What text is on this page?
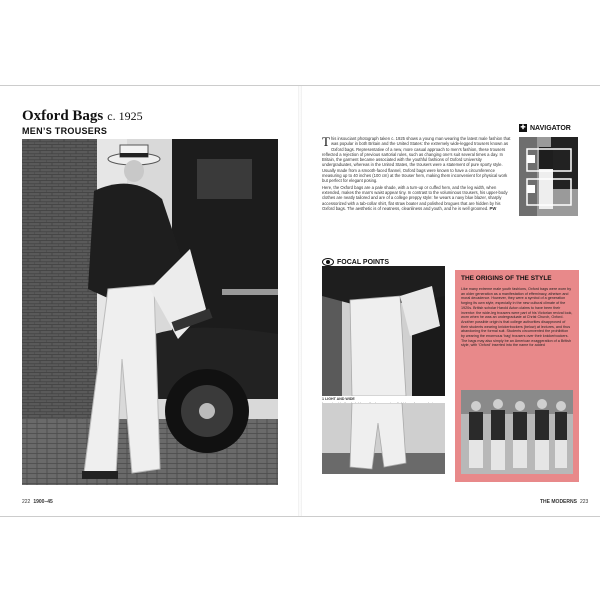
Oxford Bags c. 1925
MEN’S TROUSERS
222 1900–45

This insouciant photograph taken c. 1925 shows a young man wearing the latest male fashion that was popular in both Britain and the United States: the extremely wide-legged trousers known as Oxford bags. Representative of a new, more casual approach to men’s fashion, these trousers reflected a rejection of previous sartorial rules, such as changing one’s suit several times a day. In Britain, the garment became associated with the youthful fashions of Oxford University undergraduates, whereas in the United States, the trousers were a statement of pure sporty style. Usually made from a smooth-faced flannel, Oxford bags were known to have a circumference measuring up to 40 inches (100 cm) at the trouser hem, making them inconvenient for physical work but perfect for elegant posing.

Here, the Oxford bags are a pale shade, with a turn-up or cuffed hem, and the leg width, when extended, makes the man’s waist appear tiny. In contrast to the voluminous trousers, his upper-body clothes are neatly tailored and are of a college preppy style: he wears a navy blue blazer, sharply accessorized with a tab-collar shirt, flat straw boater and polished brogues that are hidden by his Oxford bags. The aesthetic is of neatness, cleanliness and youth, and he is well groomed. PW

✚ NAVIGATOR
FOCAL POINTS
1 LIGHT AND WIDE
THE ORIGINS OF THE STYLE
Like many extreme male youth fashions, Oxford bags were worn by an older generation as a manifestation of effeminacy, atheism and moral decadence. However, they were a symbol of a generation forging its own style, especially in the new cultural climate of the 1920s. British scholar Harold Acton claims to have been their inventor: the wide-leg trousers were part of his Victorian revival look, worn when he was an undergraduate at Christ Church, Oxford. Another possible origin is that college authorities disapproved of their students wearing knickerbockers (below) at lectures, and thus abandoning the formal suit. Students circumvented the prohibition by wearing the enormous ‘bag’ trousers over their knickerbockers. The bags may also simply be an American exaggeration of a British style, with ‘Oxford’ inserted into the name for added
THE MODERNS 223
